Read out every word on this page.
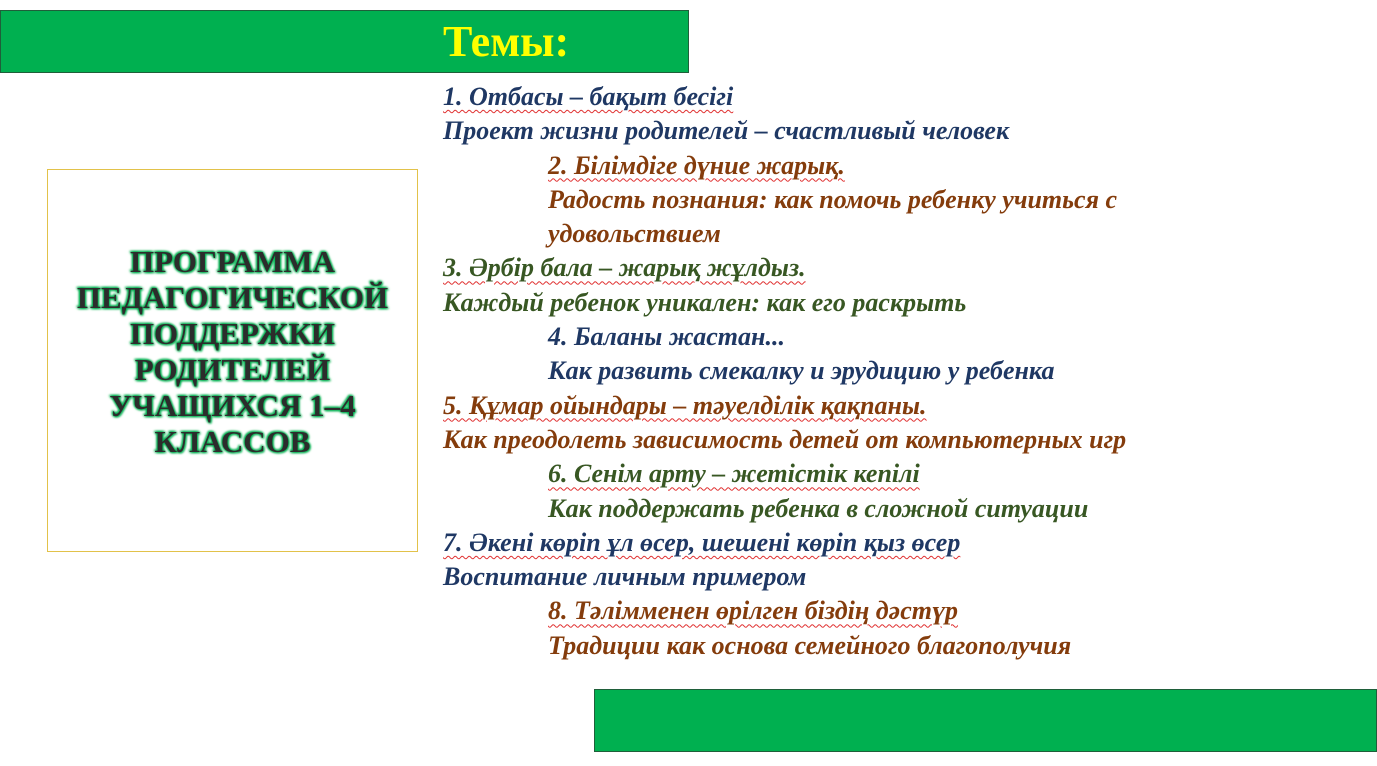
Темы:
ПРОГРАММА ПЕДАГОГИЧЕСКОЙ ПОДДЕРЖКИ РОДИТЕЛЕЙ УЧАЩИХСЯ 1–4 КЛАССОВ
1. Отбасы – бақыт бесігі
Проект жизни родителей – счастливый человек
2. Білімдіге дүние жарық.
Радость познания: как помочь ребенку учиться с удовольствием
3. Әрбір бала – жарық жұлдыз.
Каждый ребенок уникален: как его раскрыть
4. Баланы жастан...
Как развить смекалку и эрудицию у ребенка
5. Құмар ойындары – тәуелділік қақпаны.
Как преодолеть зависимость детей от компьютерных игр
6. Сенім арту – жетістік кепілі
Как поддержать ребенка в сложной ситуации
7. Әкені көріп ұл өсер, шешені көріп қыз өсер
Воспитание личным примером
8. Тәлімменен өрілген біздің дәстүр
Традиции как основа семейного благополучия
